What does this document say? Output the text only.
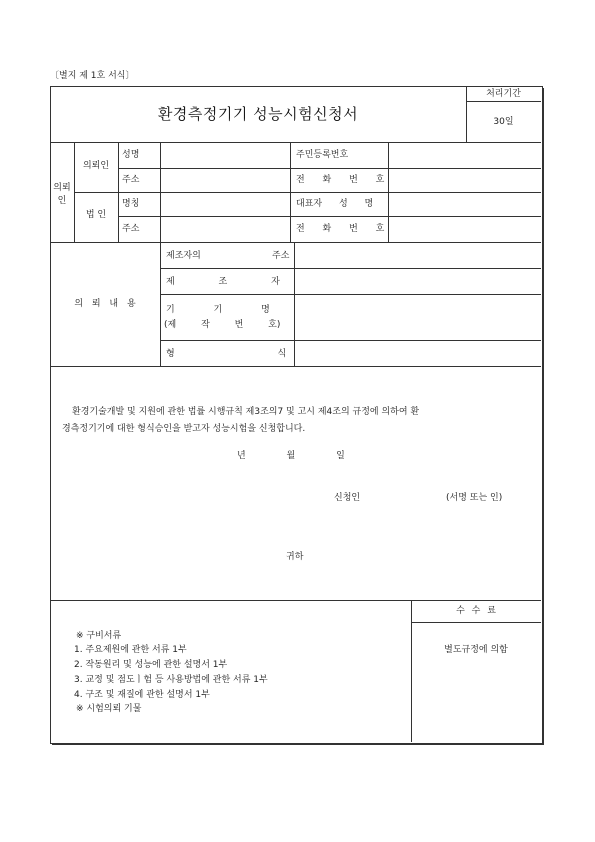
〔별지 제 1호 서식〕
환경측정기기 성능시험신청서
처리기간
30일
의뢰인
의뢰인
성명
주소
주민등록번호
전 화 번 호
법 인
명칭
주소
대표자 성 명
전 화 번 호
의 뢰 내 용
제조자의	주소
제 조 자
기 기 명
(제 작 번 호)
형 식
환경기술개발 및 지원에 관한 법률 시행규칙 제3조의7 및 고시 제4조의 규정에 의하여 환
경측정기기에 대한 형식승인을 받고자 성능시험을 신청합니다.
년 월 일
신청인	(서명 또는 인)
귀하
수 수 료
별도규정에 의함
※ 구비서류
1. 주요제원에 관한 서류 1부
2. 작동원리 및 성능에 관한 설명서 1부
3. 교정 및 점도ㅣ험 등 사용방법에 관한 서류 1부
4. 구조 및 재질에 관한 설명서 1부
※ 시험의뢰 기물
